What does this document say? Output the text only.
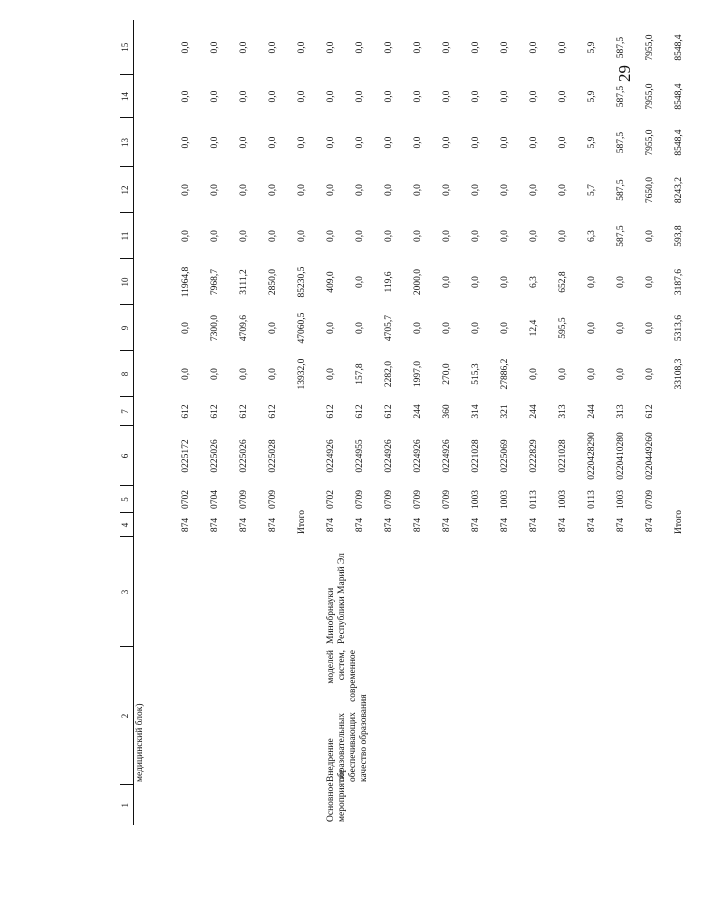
29
1	2	3	4	5	6	7	8	9	10	11	12	13	14	15
	медицинский блок)													
			874	0702	0225172	612	0,0	0,0	11964,8	0,0	0,0	0,0	0,0	0,0
			874	0704	0225026	612	0,0	7300,0	7968,7	0,0	0,0	0,0	0,0	0,0
			874	0709	0225026	612	0,0	4709,6	3111,2	0,0	0,0	0,0	0,0	0,0
			874	0709	0225028	612	0,0	0,0	2850,0	0,0	0,0	0,0	0,0	0,0
			Итого				13932,0	47060,5	85230,5	0,0	0,0	0,0	0,0	0,0
Основное мероприятие	Внедрение моделей образовательных систем, обеспечивающих современное качество образования	Минобрнауки Республики Марий Эл	874	0702	0224926	612	0,0	0,0	409,0	0,0	0,0	0,0	0,0	0,0
			874	0709	0224955	612	157,8	0,0	0,0	0,0	0,0	0,0	0,0	0,0
			874	0709	0224926	612	2282,0	4705,7	119,6	0,0	0,0	0,0	0,0	0,0
			874	0709	0224926	244	1997,0	0,0	2000,0	0,0	0,0	0,0	0,0	0,0
			874	0709	0224926	360	270,0	0,0	0,0	0,0	0,0	0,0	0,0	0,0
			874	1003	0221028	314	515,3	0,0	0,0	0,0	0,0	0,0	0,0	0,0
			874	1003	0225069	321	27886,2	0,0	0,0	0,0	0,0	0,0	0,0	0,0
			874	0113	0222829	244	0,0	12,4	6,3	0,0	0,0	0,0	0,0	0,0
			874	1003	0221028	313	0,0	595,5	652,8	0,0	0,0	0,0	0,0	0,0
			874	0113	0220428290	244	0,0	0,0	0,0	6,3	5,7	5,9	5,9	5,9
			874	1003	0220410280	313	0,0	0,0	0,0	587,5	587,5	587,5	587,5	587,5
			874	0709	0220449260	612	0,0	0,0	0,0	0,0	7650,0	7955,0	7955,0	7955,0
			Итого				33108,3	5313,6	3187,6	593,8	8243,2	8548,4	8548,4	8548,4
